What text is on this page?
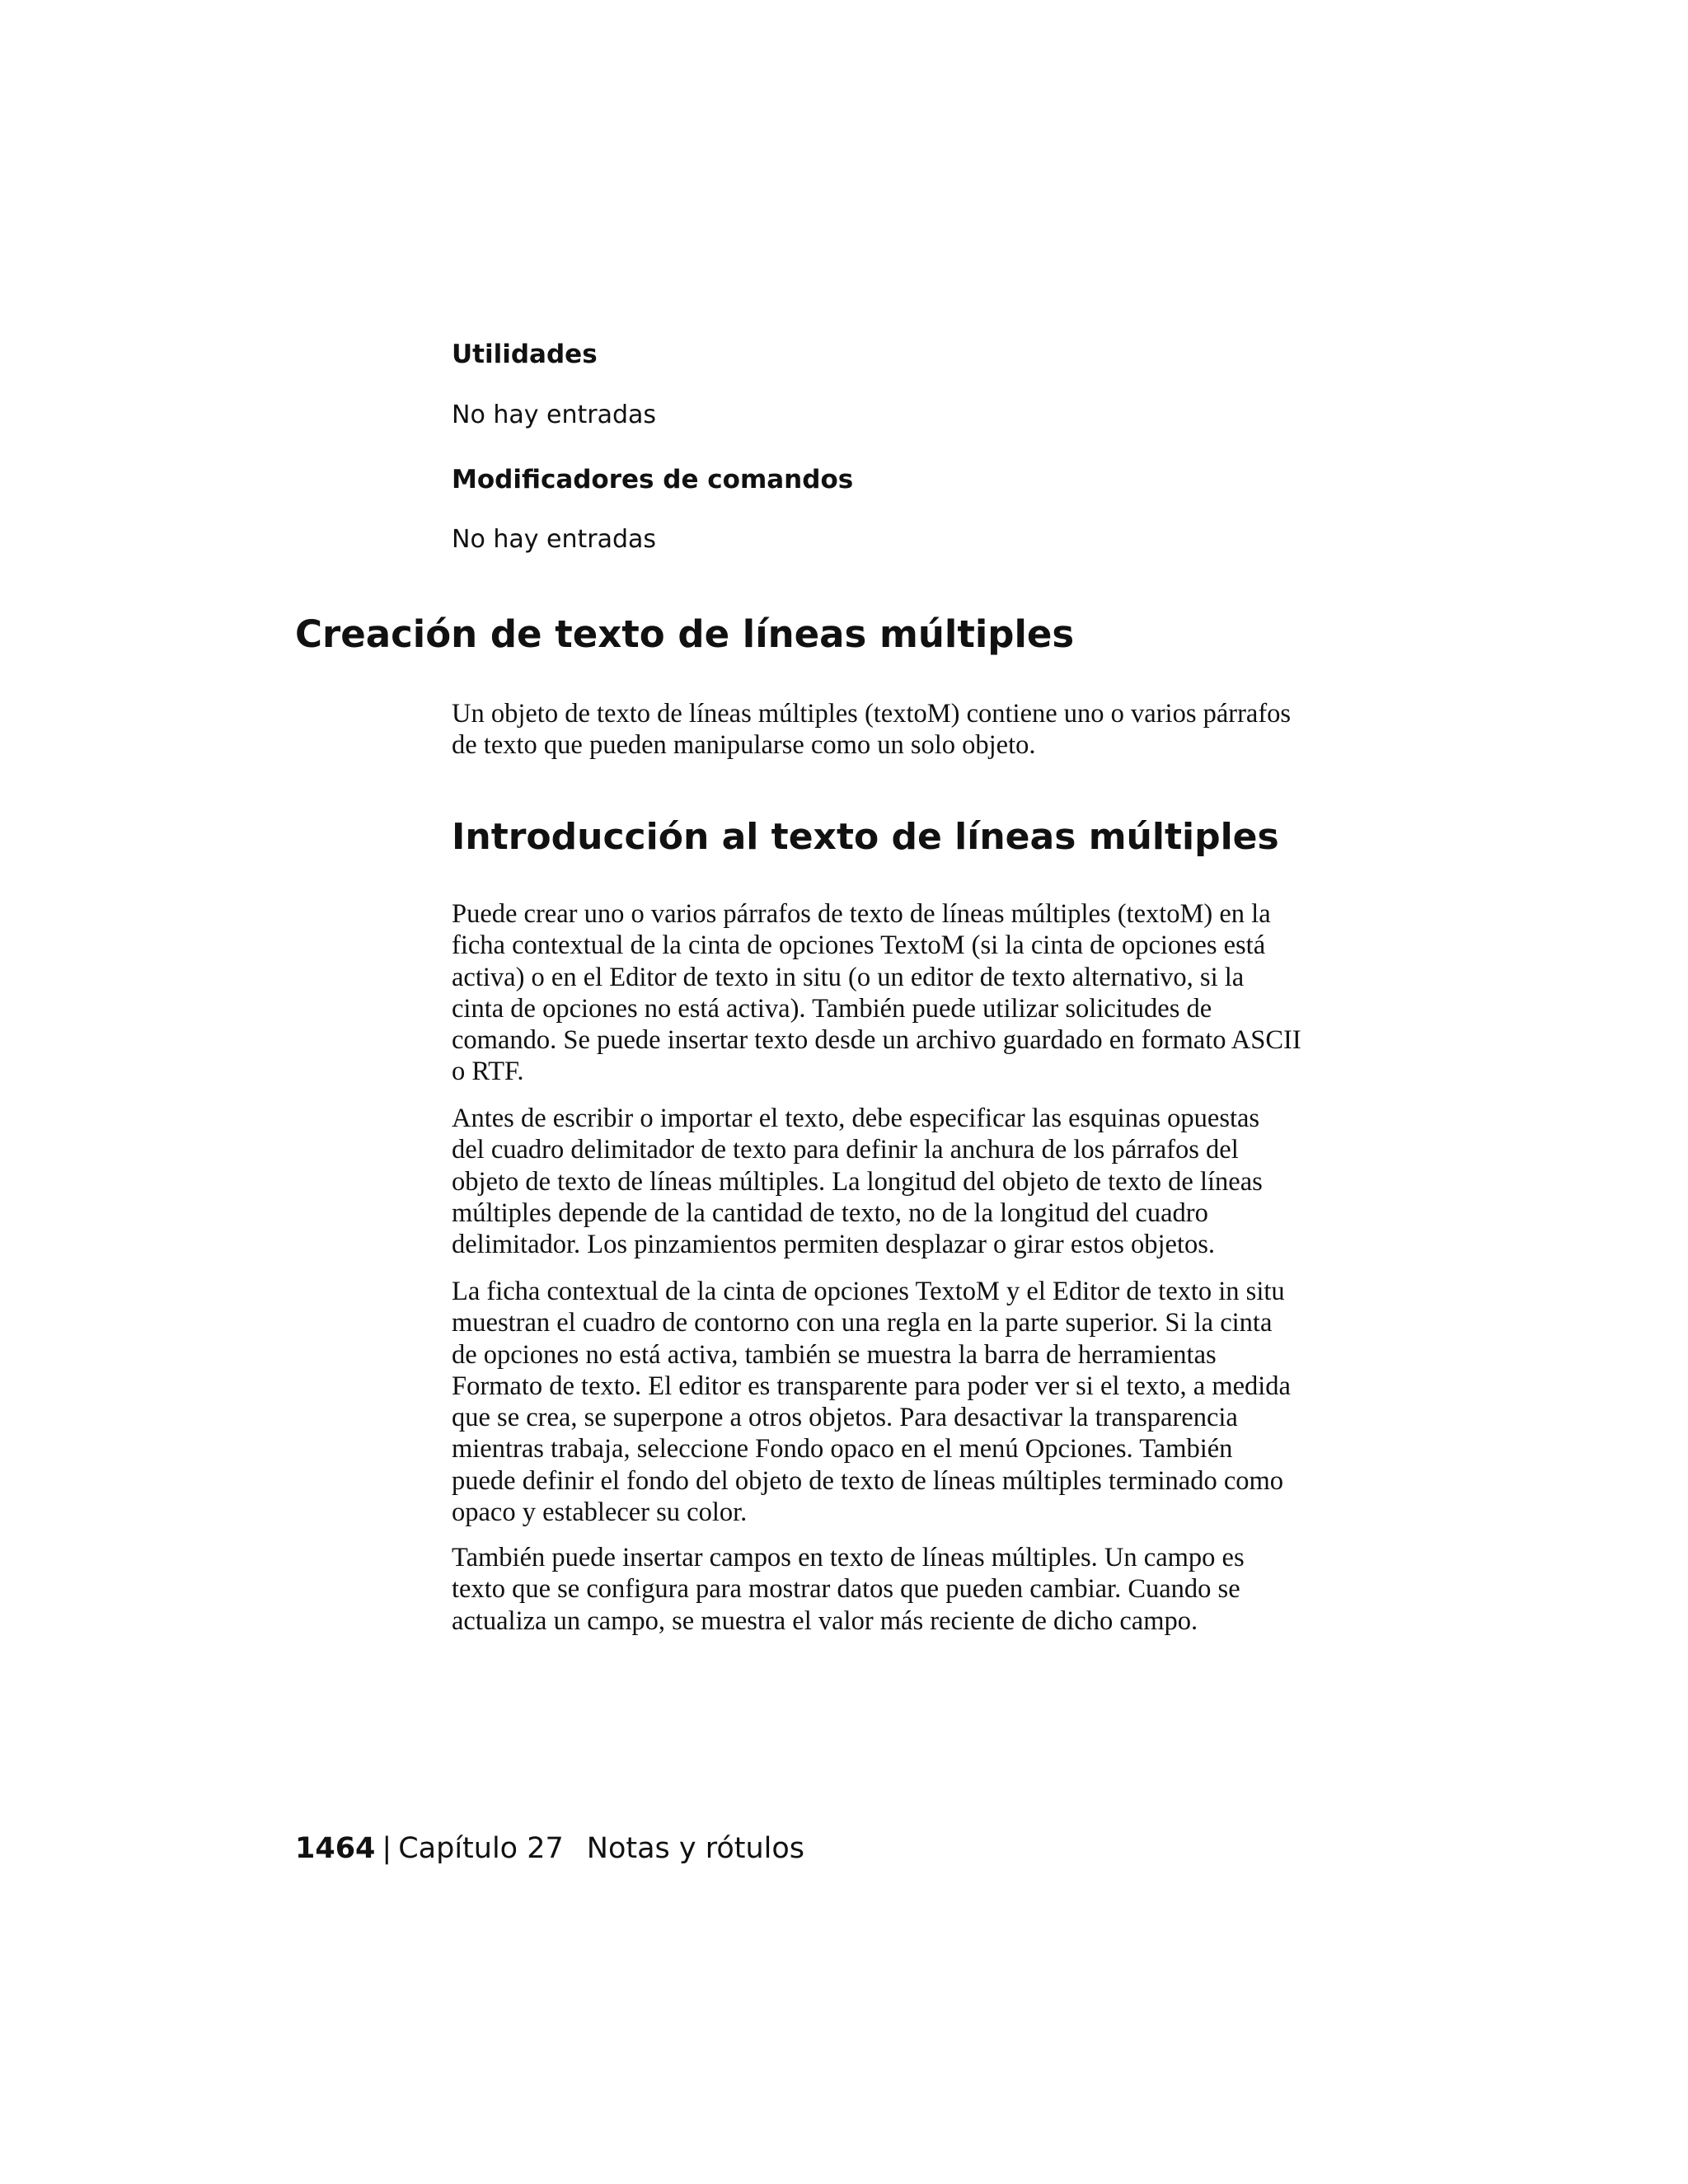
Utilidades

No hay entradas

Modificadores de comandos

No hay entradas

Creación de texto de líneas múltiples
Un objeto de texto de líneas múltiples (textoM) contiene uno o varios párrafos
de texto que pueden manipularse como un solo objeto.
Introducción al texto de líneas múltiples
Puede crear uno o varios párrafos de texto de líneas múltiples (textoM) en la
ficha contextual de la cinta de opciones TextoM (si la cinta de opciones está
activa) o en el Editor de texto in situ (o un editor de texto alternativo, si la
cinta de opciones no está activa). También puede utilizar solicitudes de
comando. Se puede insertar texto desde un archivo guardado en formato ASCII
o RTF.
Antes de escribir o importar el texto, debe especificar las esquinas opuestas
del cuadro delimitador de texto para definir la anchura de los párrafos del
objeto de texto de líneas múltiples. La longitud del objeto de texto de líneas
múltiples depende de la cantidad de texto, no de la longitud del cuadro
delimitador. Los pinzamientos permiten desplazar o girar estos objetos.
La ficha contextual de la cinta de opciones TextoM y el Editor de texto in situ
muestran el cuadro de contorno con una regla en la parte superior. Si la cinta
de opciones no está activa, también se muestra la barra de herramientas
Formato de texto. El editor es transparente para poder ver si el texto, a medida
que se crea, se superpone a otros objetos. Para desactivar la transparencia
mientras trabaja, seleccione Fondo opaco en el menú Opciones. También
puede definir el fondo del objeto de texto de líneas múltiples terminado como
opaco y establecer su color.
También puede insertar campos en texto de líneas múltiples. Un campo es
texto que se configura para mostrar datos que pueden cambiar. Cuando se
actualiza un campo, se muestra el valor más reciente de dicho campo.
1464 | Capítulo 27 Notas y rótulos
